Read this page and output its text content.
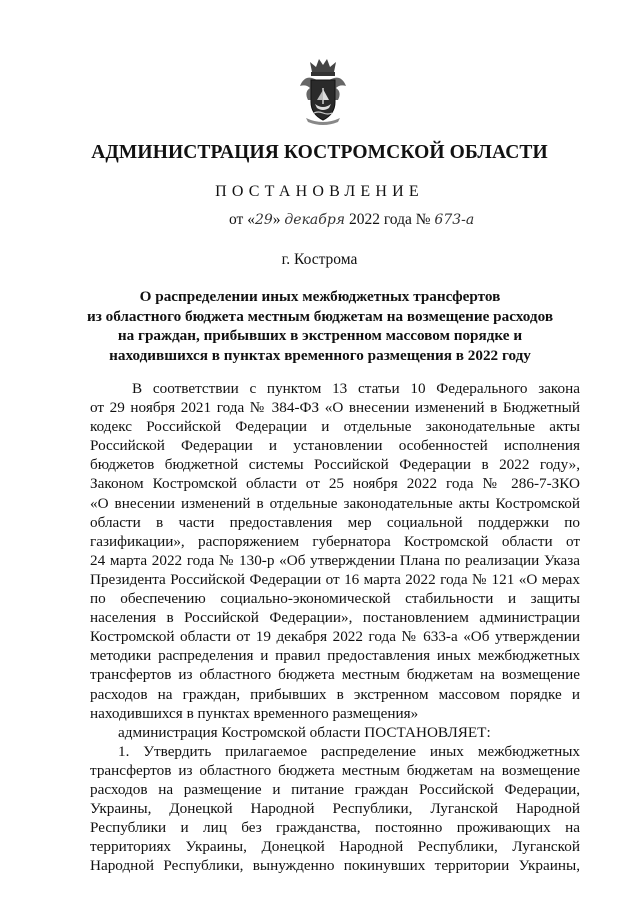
АДМИНИСТРАЦИЯ КОСТРОМСКОЙ ОБЛАСТИ
ПОСТАНОВЛЕНИЕ
от «29» декабря 2022 года № 673-а
г. Кострома
О распределении иных межбюджетных трансфертов
из областного бюджета местным бюджетам на возмещение расходов
на граждан, прибывших в экстренном массовом порядке и
находившихся в пунктах временного размещения в 2022 году
В соответствии с пунктом 13 статьи 10 Федерального закона
от 29 ноября 2021 года № 384-ФЗ «О внесении изменений в Бюджетный
кодекс Российской Федерации и отдельные законодательные акты
Российской Федерации и установлении особенностей исполнения
бюджетов бюджетной системы Российской Федерации в 2022 году»,
Законом Костромской области от 25 ноября 2022 года № 286-7-ЗКО
«О внесении изменений в отдельные законодательные акты Костромской
области в части предоставления мер социальной поддержки по
газификации», распоряжением губернатора Костромской области от
24 марта 2022 года № 130-р «Об утверждении Плана по реализации Указа
Президента Российской Федерации от 16 марта 2022 года № 121 «О мерах
по обеспечению социально-экономической стабильности и защиты
населения в Российской Федерации», постановлением администрации
Костромской области от 19 декабря 2022 года № 633-а «Об утверждении
методики распределения и правил предоставления иных межбюджетных
трансфертов из областного бюджета местным бюджетам на возмещение
расходов на граждан, прибывших в экстренном массовом порядке и
находившихся в пунктах временного размещения»
администрация Костромской области ПОСТАНОВЛЯЕТ:
1. Утвердить прилагаемое распределение иных межбюджетных
трансфертов из областного бюджета местным бюджетам на возмещение
расходов на размещение и питание граждан Российской Федерации,
Украины, Донецкой Народной Республики, Луганской Народной
Республики и лиц без гражданства, постоянно проживающих на
территориях Украины, Донецкой Народной Республики, Луганской
Народной Республики, вынужденно покинувших территории Украины,
